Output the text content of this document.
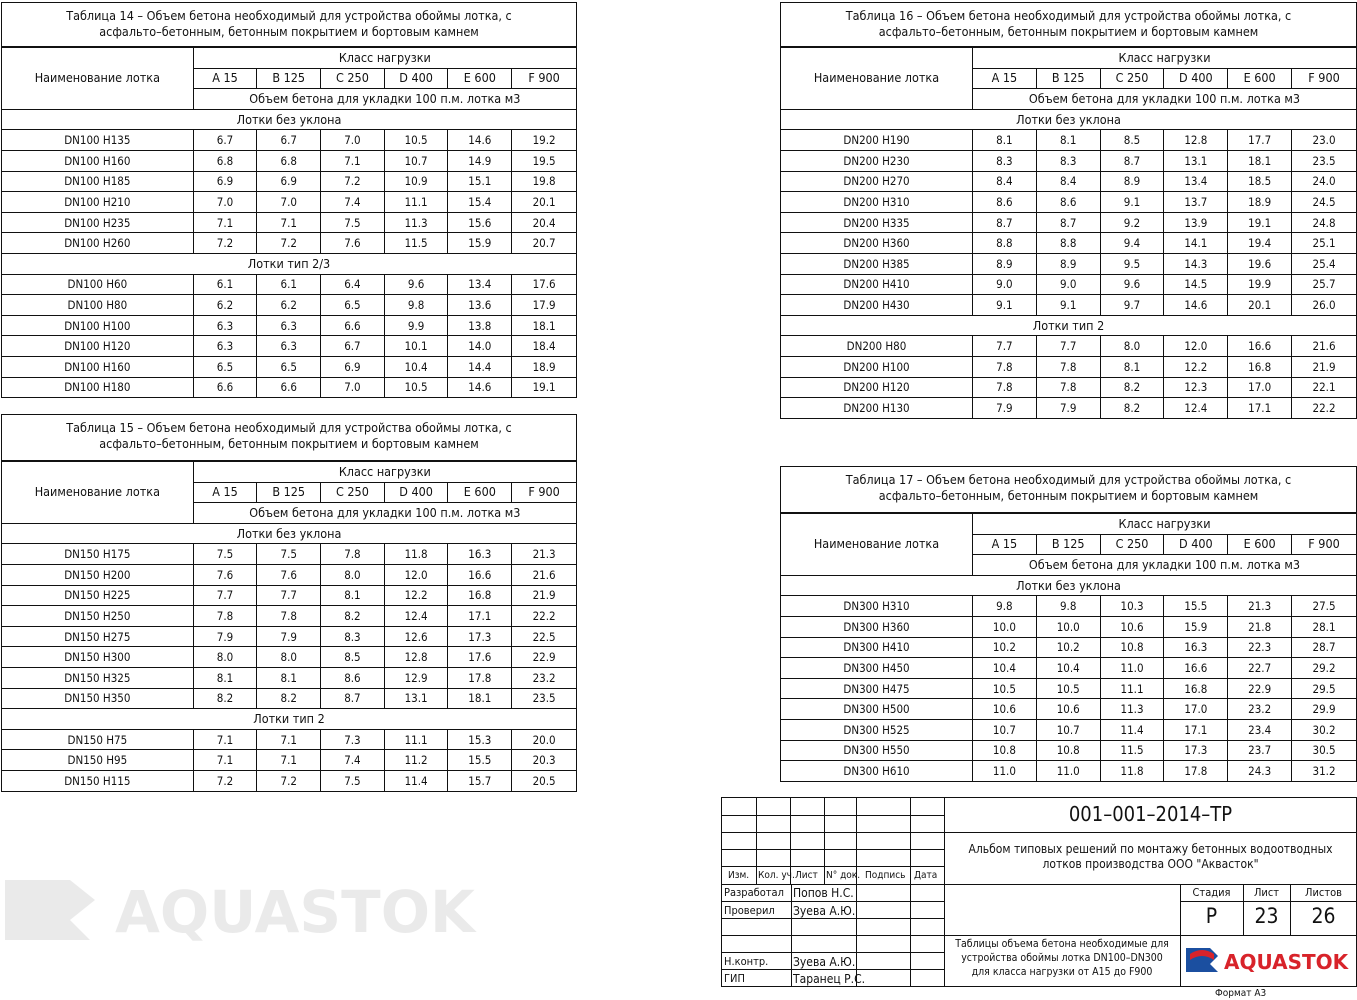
Таблица 14 – Объем бетона необходимый для устройства обоймы лотка, с
асфальто–бетонным, бетонным покрытием и бортовым камнем
Наименование лотка	Класс нагрузки					
	A 15	B 125	C 250	D 400	E 600	F 900
	Объем бетона для укладки 100 п.м. лотка м3					
Лотки без уклона						
DN100 H135	6.7	6.7	7.0	10.5	14.6	19.2
DN100 H160	6.8	6.8	7.1	10.7	14.9	19.5
DN100 H185	6.9	6.9	7.2	10.9	15.1	19.8
DN100 H210	7.0	7.0	7.4	11.1	15.4	20.1
DN100 H235	7.1	7.1	7.5	11.3	15.6	20.4
DN100 H260	7.2	7.2	7.6	11.5	15.9	20.7
Лотки тип 2/3						
DN100 H60	6.1	6.1	6.4	9.6	13.4	17.6
DN100 H80	6.2	6.2	6.5	9.8	13.6	17.9
DN100 H100	6.3	6.3	6.6	9.9	13.8	18.1
DN100 H120	6.3	6.3	6.7	10.1	14.0	18.4
DN100 H160	6.5	6.5	6.9	10.4	14.4	18.9
DN100 H180	6.6	6.6	7.0	10.5	14.6	19.1
Таблица 15 – Объем бетона необходимый для устройства обоймы лотка, с
асфальто–бетонным, бетонным покрытием и бортовым камнем
Наименование лотка	Класс нагрузки					
	A 15	B 125	C 250	D 400	E 600	F 900
	Объем бетона для укладки 100 п.м. лотка м3					
Лотки без уклона						
DN150 H175	7.5	7.5	7.8	11.8	16.3	21.3
DN150 H200	7.6	7.6	8.0	12.0	16.6	21.6
DN150 H225	7.7	7.7	8.1	12.2	16.8	21.9
DN150 H250	7.8	7.8	8.2	12.4	17.1	22.2
DN150 H275	7.9	7.9	8.3	12.6	17.3	22.5
DN150 H300	8.0	8.0	8.5	12.8	17.6	22.9
DN150 H325	8.1	8.1	8.6	12.9	17.8	23.2
DN150 H350	8.2	8.2	8.7	13.1	18.1	23.5
Лотки тип 2						
DN150 H75	7.1	7.1	7.3	11.1	15.3	20.0
DN150 H95	7.1	7.1	7.4	11.2	15.5	20.3
DN150 H115	7.2	7.2	7.5	11.4	15.7	20.5
Таблица 16 – Объем бетона необходимый для устройства обоймы лотка, с
асфальто–бетонным, бетонным покрытием и бортовым камнем
Наименование лотка	Класс нагрузки					
	A 15	B 125	C 250	D 400	E 600	F 900
	Объем бетона для укладки 100 п.м. лотка м3					
Лотки без уклона						
DN200 H190	8.1	8.1	8.5	12.8	17.7	23.0
DN200 H230	8.3	8.3	8.7	13.1	18.1	23.5
DN200 H270	8.4	8.4	8.9	13.4	18.5	24.0
DN200 H310	8.6	8.6	9.1	13.7	18.9	24.5
DN200 H335	8.7	8.7	9.2	13.9	19.1	24.8
DN200 H360	8.8	8.8	9.4	14.1	19.4	25.1
DN200 H385	8.9	8.9	9.5	14.3	19.6	25.4
DN200 H410	9.0	9.0	9.6	14.5	19.9	25.7
DN200 H430	9.1	9.1	9.7	14.6	20.1	26.0
Лотки тип 2						
DN200 H80	7.7	7.7	8.0	12.0	16.6	21.6
DN200 H100	7.8	7.8	8.1	12.2	16.8	21.9
DN200 H120	7.8	7.8	8.2	12.3	17.0	22.1
DN200 H130	7.9	7.9	8.2	12.4	17.1	22.2
Таблица 17 – Объем бетона необходимый для устройства обоймы лотка, с
асфальто–бетонным, бетонным покрытием и бортовым камнем
Наименование лотка	Класс нагрузки					
	A 15	B 125	C 250	D 400	E 600	F 900
	Объем бетона для укладки 100 п.м. лотка м3					
Лотки без уклона						
DN300 H310	9.8	9.8	10.3	15.5	21.3	27.5
DN300 H360	10.0	10.0	10.6	15.9	21.8	28.1
DN300 H410	10.2	10.2	10.8	16.3	22.3	28.7
DN300 H450	10.4	10.4	11.0	16.6	22.7	29.2
DN300 H475	10.5	10.5	11.1	16.8	22.9	29.5
DN300 H500	10.6	10.6	11.3	17.0	23.2	29.9
DN300 H525	10.7	10.7	11.4	17.1	23.4	30.2
DN300 H550	10.8	10.8	11.5	17.3	23.7	30.5
DN300 H610	11.0	11.0	11.8	17.8	24.3	31.2
AQUASTOK
Изм. Кол. уч. Лист N° док. Подпись Дата
Разработал Попов Н.С.
Проверил Зуева А.Ю.
Н.контр. Зуева А.Ю.
ГИП	Таранец Р.С.
001–001–2014–ТР
Альбом типовых решений по монтажу бетонных водоотводных
лотков производства ООО "Аквасток"
Стадия	Лист	Листов
Р	23	26
Таблицы объема бетона необходимые для
устройства обоймы лотка DN100–DN300
для класса нагрузки от А15 до F900	AQUASTOK
Формат А3
